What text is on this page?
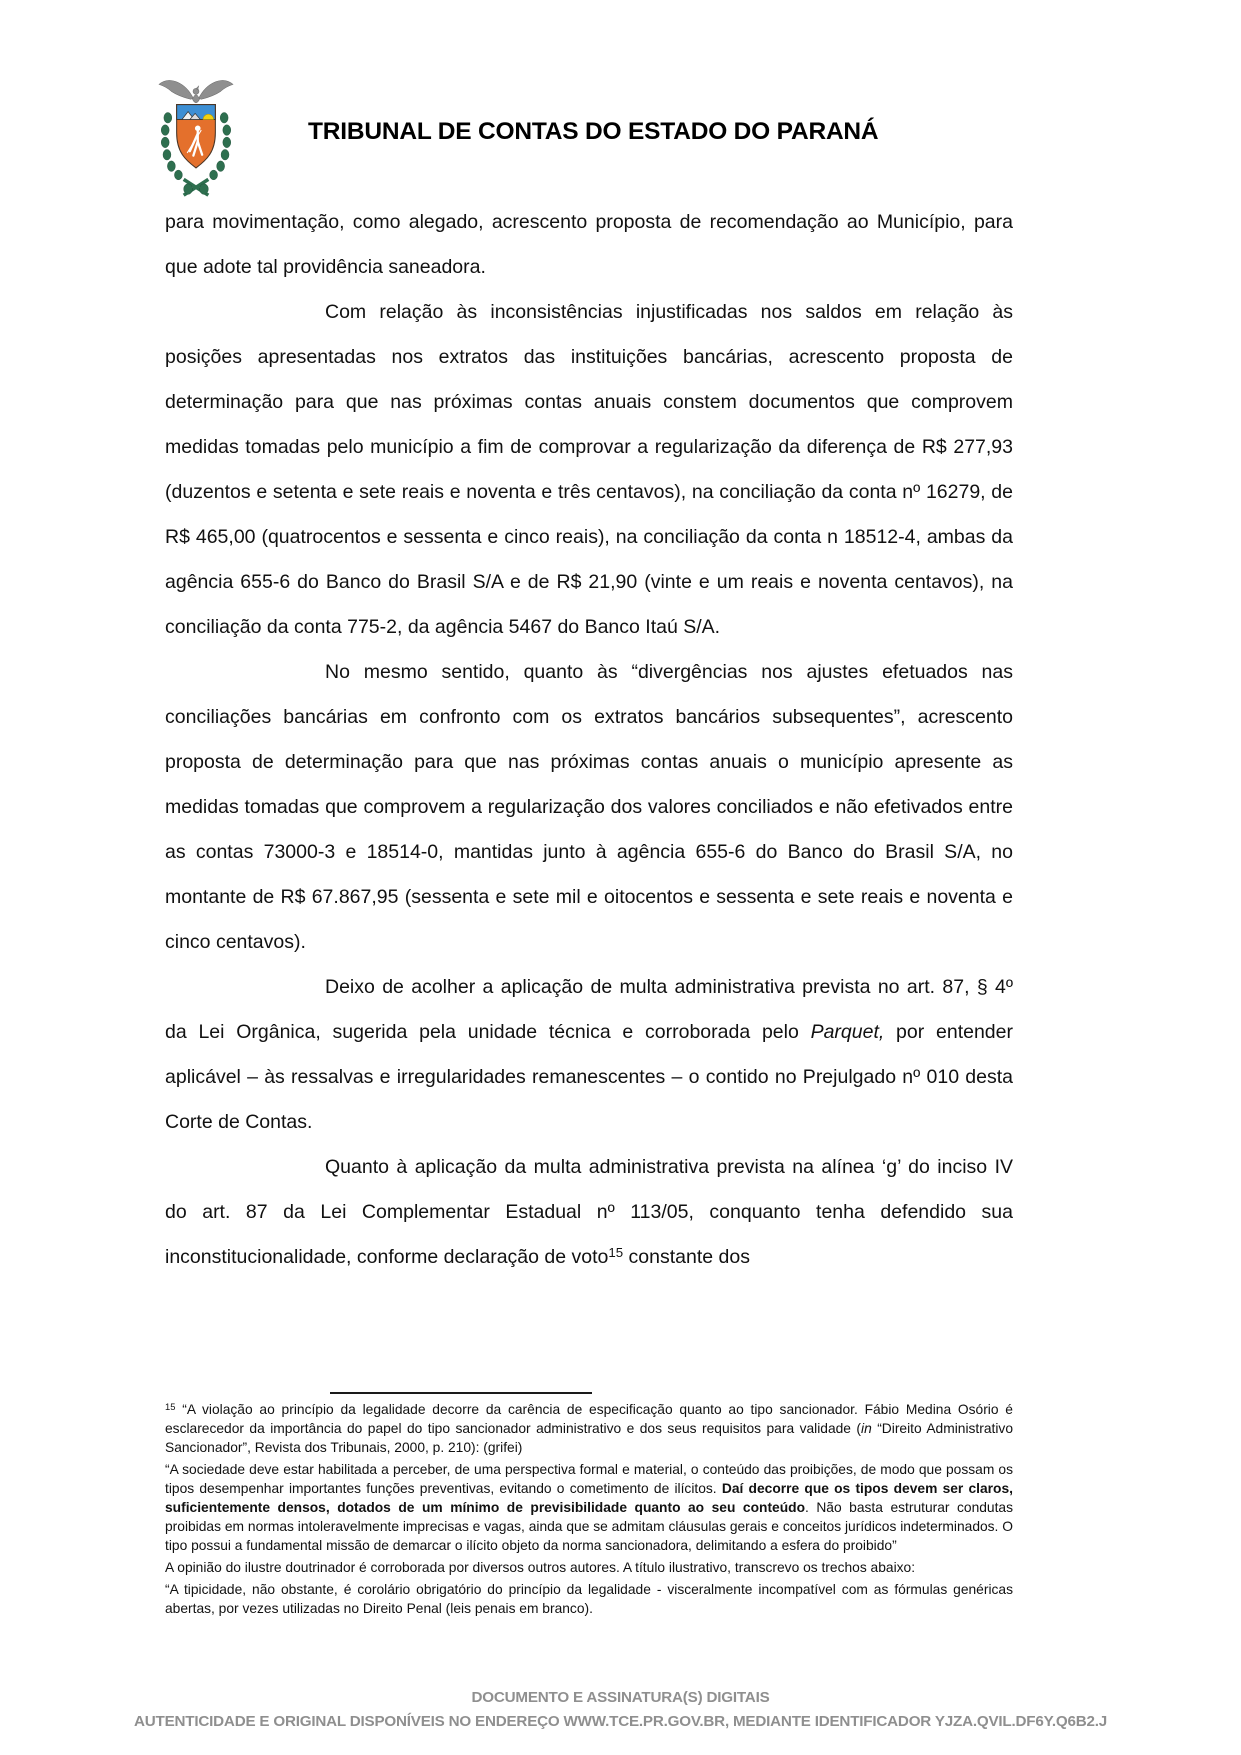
TRIBUNAL DE CONTAS DO ESTADO DO PARANÁ

para movimentação, como alegado, acrescento proposta de recomendação ao Município, para que adote tal providência saneadora.

Com relação às inconsistências injustificadas nos saldos em relação às posições apresentadas nos extratos das instituições bancárias, acrescento proposta de determinação para que nas próximas contas anuais constem documentos que comprovem medidas tomadas pelo município a fim de comprovar a regularização da diferença de R$ 277,93 (duzentos e setenta e sete reais e noventa e três centavos), na conciliação da conta nº 16279, de R$ 465,00 (quatrocentos e sessenta e cinco reais), na conciliação da conta n 18512-4, ambas da agência 655-6 do Banco do Brasil S/A e de R$ 21,90 (vinte e um reais e noventa centavos), na conciliação da conta 775-2, da agência 5467 do Banco Itaú S/A.

No mesmo sentido, quanto às “divergências nos ajustes efetuados nas conciliações bancárias em confronto com os extratos bancários subsequentes”, acrescento proposta de determinação para que nas próximas contas anuais o município apresente as medidas tomadas que comprovem a regularização dos valores conciliados e não efetivados entre as contas 73000-3 e 18514-0, mantidas junto à agência 655-6 do Banco do Brasil S/A, no montante de R$ 67.867,95 (sessenta e sete mil e oitocentos e sessenta e sete reais e noventa e cinco centavos).

Deixo de acolher a aplicação de multa administrativa prevista no art. 87, § 4º da Lei Orgânica, sugerida pela unidade técnica e corroborada pelo Parquet, por entender aplicável – às ressalvas e irregularidades remanescentes – o contido no Prejulgado nº 010 desta Corte de Contas.

Quanto à aplicação da multa administrativa prevista na alínea ‘g’ do inciso IV do art. 87 da Lei Complementar Estadual nº 113/05, conquanto tenha defendido sua inconstitucionalidade, conforme declaração de voto$^{15}$ constante dos

$^{15}$ “A violação ao princípio da legalidade decorre da carência de especificação quanto ao tipo sancionador. Fábio Medina Osório é esclarecedor da importância do papel do tipo sancionador administrativo e dos seus requisitos para validade (in “Direito Administrativo Sancionador”, Revista dos Tribunais, 2000, p. 210): (grifei)

“A sociedade deve estar habilitada a perceber, de uma perspectiva formal e material, o conteúdo das proibições, de modo que possam os tipos desempenhar importantes funções preventivas, evitando o cometimento de ilícitos. Daí decorre que os tipos devem ser claros, suficientemente densos, dotados de um mínimo de previsibilidade quanto ao seu conteúdo. Não basta estruturar condutas proibidas em normas intoleravelmente imprecisas e vagas, ainda que se admitam cláusulas gerais e conceitos jurídicos indeterminados. O tipo possui a fundamental missão de demarcar o ilícito objeto da norma sancionadora, delimitando a esfera do proibido”

A opinião do ilustre doutrinador é corroborada por diversos outros autores. A título ilustrativo, transcrevo os trechos abaixo:

“A tipicidade, não obstante, é corolário obrigatório do princípio da legalidade - visceralmente incompatível com as fórmulas genéricas abertas, por vezes utilizadas no Direito Penal (leis penais em branco).

DOCUMENTO E ASSINATURA(S) DIGITAIS
AUTENTICIDADE E ORIGINAL DISPONÍVEIS NO ENDEREÇO WWW.TCE.PR.GOV.BR, MEDIANTE IDENTIFICADOR YJZA.QVIL.DF6Y.Q6B2.J
